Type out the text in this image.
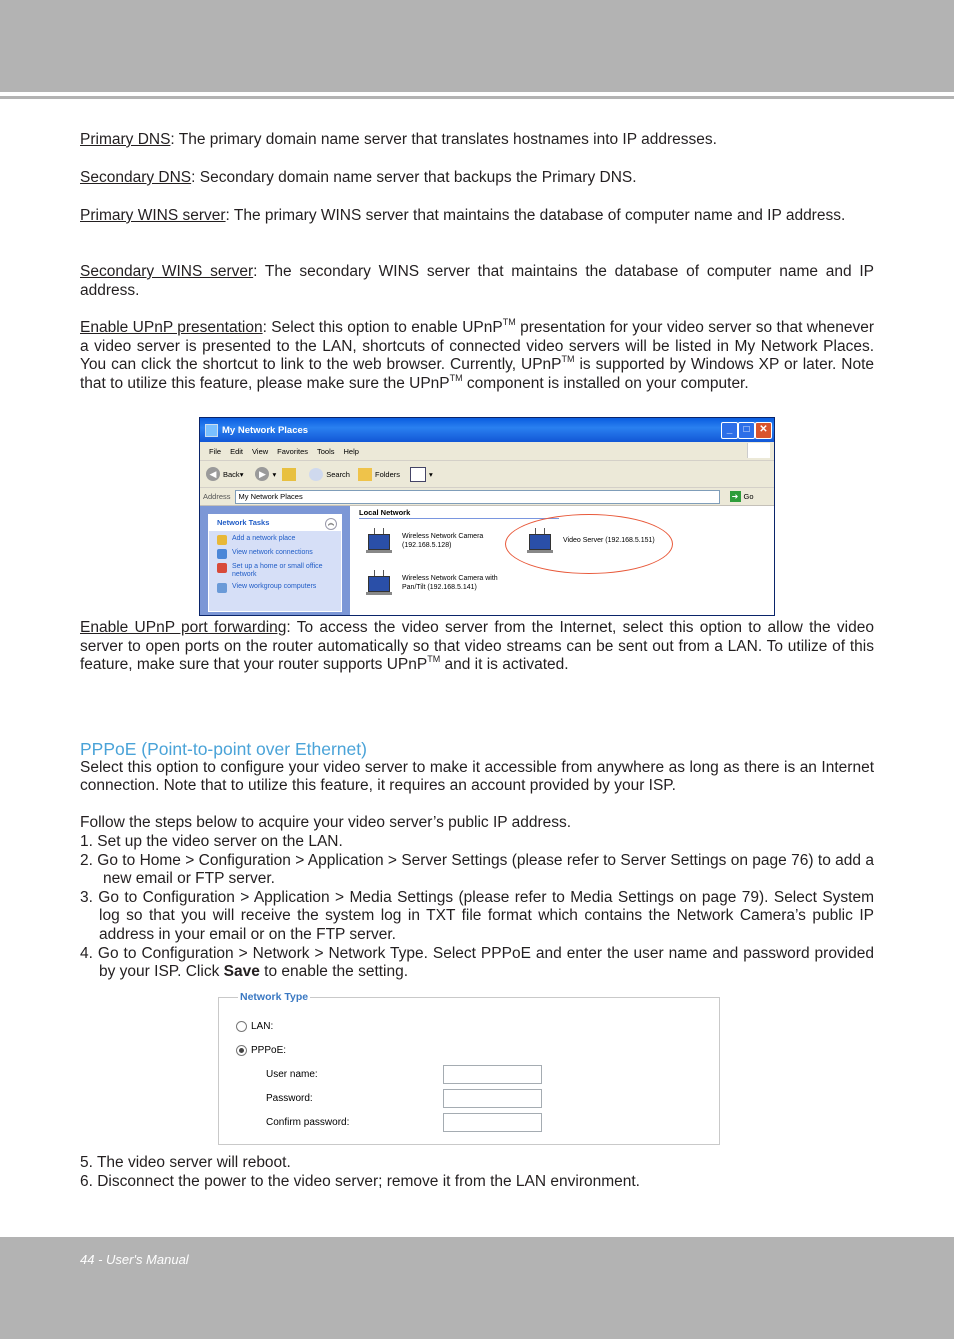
Primary DNS: The primary domain name server that translates hostnames into IP addresses.

Secondary DNS: Secondary domain name server that backups the Primary DNS.

Primary WINS server: The primary WINS server that maintains the database of computer name and IP address.

Secondary WINS server: The secondary WINS server that maintains the database of computer name and IP address.

Enable UPnP presentation: Select this option to enable UPnP™ presentation for your video server so that whenever a video server is presented to the LAN, shortcuts of connected video servers will be listed in My Network Places. You can click the shortcut to link to the web browser. Currently, UPnP™ is supported by Windows XP or later. Note that to utilize this feature, please make sure the UPnP™ component is installed on your computer.

My Network Places	_	□ ✕
File Edit View Favorites Tools Help
◀ Back ▾	▶ ▾	Search	Folders	▾
Address	My Network Places	➜ Go
Network Tasks	︽
Add a network place
View network connections
Set up a home or small office network
View workgroup computers
Local Network
Wireless Network Camera
(192.168.5.128)
Video Server (192.168.5.151)
Wireless Network Camera with
Pan/Tilt (192.168.5.141)

Enable UPnP port forwarding: To access the video server from the Internet, select this option to allow the video server to open ports on the router automatically so that video streams can be sent out from a LAN. To utilize of this feature, make sure that your router supports UPnP™ and it is activated.

PPPoE (Point-to-point over Ethernet)

Select this option to configure your video server to make it accessible from anywhere as long as there is an Internet connection. Note that to utilize this feature, it requires an account provided by your ISP.

Follow the steps below to acquire your video server’s public IP address.

1. Set up the video server on the LAN.

2. Go to Home > Configuration > Application > Server Settings (please refer to Server Settings on page 76) to add a new email or FTP server.

3. Go to Configuration > Application > Media Settings (please refer to Media Settings on page 79). Select System log so that you will receive the system log in TXT file format which contains the Network Camera’s public IP address in your email or on the FTP server.

4. Go to Configuration > Network > Network Type. Select PPPoE and enter the user name and password provided by your ISP. Click Save to enable the setting.

LAN:
PPPoE:
User name:
Password:
Confirm password:
Network Type

5. The video server will reboot.

6. Disconnect the power to the video server; remove it from the LAN environment.

44 - User's Manual
